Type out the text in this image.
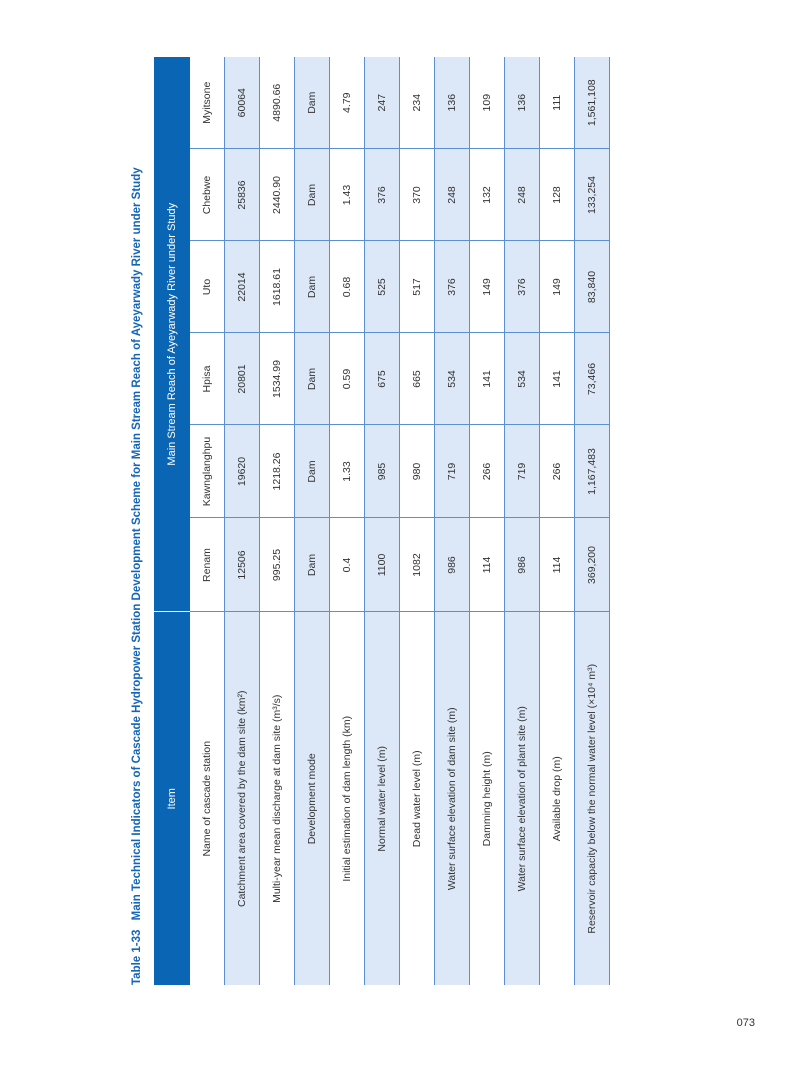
Table 1-33 Main Technical Indicators of Cascade Hydropower Station Development Scheme for Main Stream Reach of Ayeyarwady River under Study	Item	Main Stream Reach of Ayeyarwady River under Study					

Name of cascade station	Renam	Kawnglanghpu	Hpisa	Uto	Chebwe	Myitsone
Catchment area covered by the dam site (km²)	12506	19620	20801	22014	25836	60064
Multi-year mean discharge at dam site (m³/s)	995.25	1218.26	1534.99	1618.61	2440.90	4890.66
Development mode	Dam	Dam	Dam	Dam	Dam	Dam
Initial estimation of dam length (km)	0.4	1.33	0.59	0.68	1.43	4.79
Normal water level (m)	1100	985	675	525	376	247
Dead water level (m)	1082	980	665	517	370	234
Water surface elevation of dam site (m)	986	719	534	376	248	136
Damming height (m)	114	266	141	149	132	109
Water surface elevation of plant site (m)	986	719	534	376	248	136
Available drop (m)	114	266	141	149	128	111
Reservoir capacity below the normal water level (×10⁴ m³)	369,200	1,167,483	73,466	83,840	133,254	1,561,108
073
